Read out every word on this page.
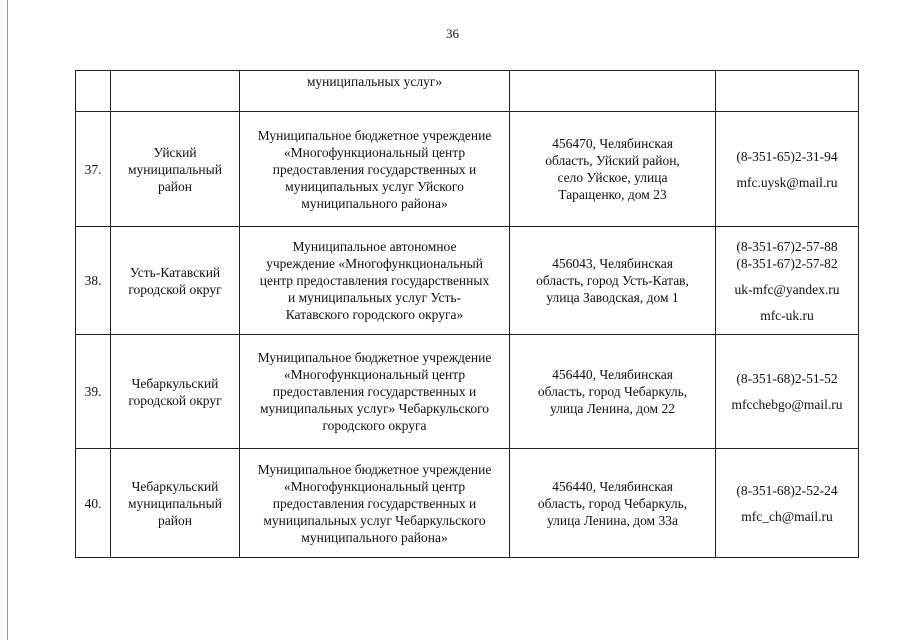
36
		муниципальных услуг»		
37.	Уйский
муниципальный
район	Муниципальное бюджетное учреждение
«Многофункциональный центр
предоставления государственных и
муниципальных услуг Уйского
муниципального района»	456470, Челябинская
область, Уйский район,
село Уйское, улица
Таращенко, дом 23	(8-351-65)2-31-94
mfc.uysk@mail.ru

38.	Усть-Катавский
городской округ	Муниципальное автономное
учреждение «Многофункциональный
центр предоставления государственных
и муниципальных услуг Усть-
Катавского городского округа»	456043, Челябинская
область, город Усть-Катав,
улица Заводская, дом 1	(8-351-67)2-57-88
(8-351-67)2-57-82
uk-mfc@yandex.ru
mfc-uk.ru

39.	Чебаркульский
городской округ	Муниципальное бюджетное учреждение
«Многофункциональный центр
предоставления государственных и
муниципальных услуг» Чебаркульского
городского округа	456440, Челябинская
область, город Чебаркуль,
улица Ленина, дом 22	(8-351-68)2-51-52
mfcchebgo@mail.ru

40.	Чебаркульский
муниципальный
район	Муниципальное бюджетное учреждение
«Многофункциональный центр
предоставления государственных и
муниципальных услуг Чебаркульского
муниципального района»	456440, Челябинская
область, город Чебаркуль,
улица Ленина, дом 33а	(8-351-68)2-52-24
mfc_ch@mail.ru
